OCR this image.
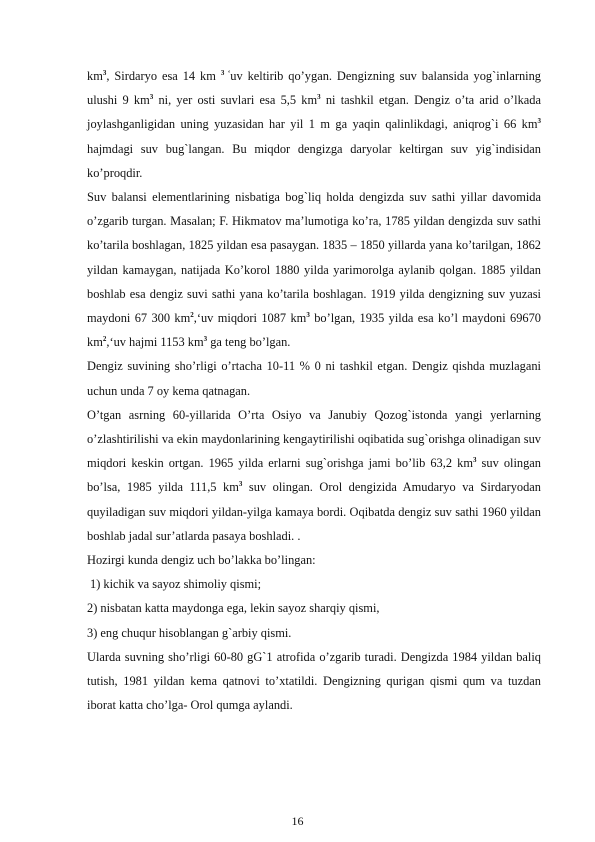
$km^3$, Sirdaryo esa 14 km $^{3 ‘}$uv keltirib qo’ygan. Dengizning suv balansida yog`inlarning ulushi 9 $km^3$ ni, yer osti suvlari esa 5,5 $km^3$ ni tashkil etgan. Dengiz o’ta arid o’lkada joylashganligidan uning yuzasidan har yil 1 m ga yaqin qalinlikdagi, aniqrog`i 66 $km^3$ hajmdagi suv bug`langan. Bu miqdor dengizga daryolar keltirgan suv yig`indisidan ko’proqdir.

Suv balansi elementlarining nisbatiga bog`liq holda dengizda suv sathi yillar davomida o’zgarib turgan. Masalan; F. Hikmatov ma’lumotiga ko’ra, 1785 yildan dengizda suv sathi ko’tarila boshlagan, 1825 yildan esa pasaygan. 1835 – 1850 yillarda yana ko’tarilgan, 1862 yildan kamaygan, natijada Ko’korol 1880 yilda yarimorolga aylanib qolgan. 1885 yildan boshlab esa dengiz suvi sathi yana ko’tarila boshlagan. 1919 yilda dengizning suv yuzasi maydoni 67 300 $km^2,‘uv$ miqdori 1087 $km^3$ bo’lgan, 1935 yilda esa ko’l maydoni 69670 $km^2,‘uv$ hajmi 1153 $km^3$ ga teng bo’lgan.

Dengiz suvining sho’rligi o’rtacha 10-11 % 0 ni tashkil etgan. Dengiz qishda muzlagani uchun unda 7 oy kema qatnagan.

O’tgan asrning 60-yillarida O’rta Osiyo va Janubiy Qozog`istonda yangi yerlarning o’zlashtirilishi va ekin maydonlarining kengaytirilishi oqibatida sug`orishga olinadigan suv miqdori keskin ortgan. 1965 yilda erlarni sug`orishga jami bo’lib 63,2 $km^3$ suv olingan bo’lsa, 1985 yilda 111,5 $km^3$ suv olingan. Orol dengizida Amudaryo va Sirdaryodan quyiladigan suv miqdori yildan-yilga kamaya bordi. Oqibatda dengiz suv sathi 1960 yildan boshlab jadal sur’atlarda pasaya boshladi. .

Hozirgi kunda dengiz uch bo’lakka bo’lingan:

1) kichik va sayoz shimoliy qismi;

2) nisbatan katta maydonga ega, lekin sayoz sharqiy qismi,

3) eng chuqur hisoblangan g`arbiy qismi.

Ularda suvning sho’rligi 60-80 gG`1 atrofida o’zgarib turadi. Dengizda 1984 yildan baliq tutish, 1981 yildan kema qatnovi to’xtatildi. Dengizning qurigan qismi qum va tuzdan iborat katta cho’lga- Orol qumga aylandi.

16
